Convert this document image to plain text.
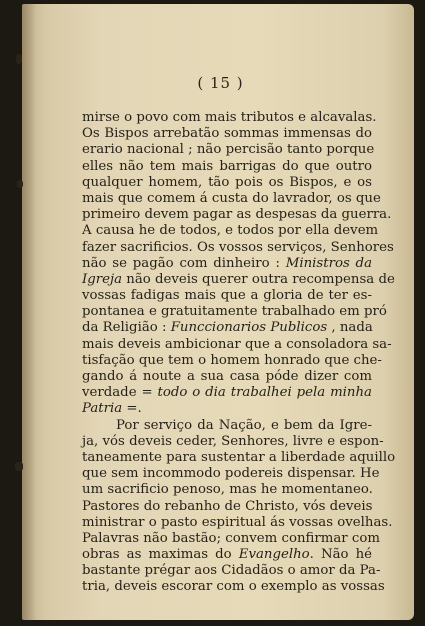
( 15 )
mirse o povo com mais tributos e alcavalas.
Os Bispos arrebatão sommas immensas do
erario nacional ; não percisão tanto porque
elles não tem mais barrigas do que outro
qualquer homem, tão pois os Bispos, e os
mais que comem á custa do lavrador, os que
primeiro devem pagar as despesas da guerra.
A causa he de todos, e todos por ella devem
fazer sacrificios. Os vossos serviços, Senhores
não se pagão com dinheiro : Ministros da
Igreja não deveis querer outra recompensa de
vossas fadigas mais que a gloria de ter es-
pontanea e gratuitamente trabalhado em pró
da Religião : Funccionarios Publicos , nada
mais deveis ambicionar que a consoladora sa-
tisfação que tem o homem honrado que che-
gando á noute a sua casa póde dizer com
verdade = todo o dia trabalhei pela minha
Patria =.
Por serviço da Nação, e bem da Igre-
ja, vós deveis ceder, Senhores, livre e espon-
taneamente para sustentar a liberdade aquillo
que sem incommodo podereis dispensar. He
um sacrificio penoso, mas he momentaneo.
Pastores do rebanho de Christo, vós deveis
ministrar o pasto espiritual ás vossas ovelhas.
Palavras não bastão; convem confirmar com
obras as maximas do Evangelho. Não hé
bastante prégar aos Cidadãos o amor da Pa-
tria, deveis escorar com o exemplo as vossas
